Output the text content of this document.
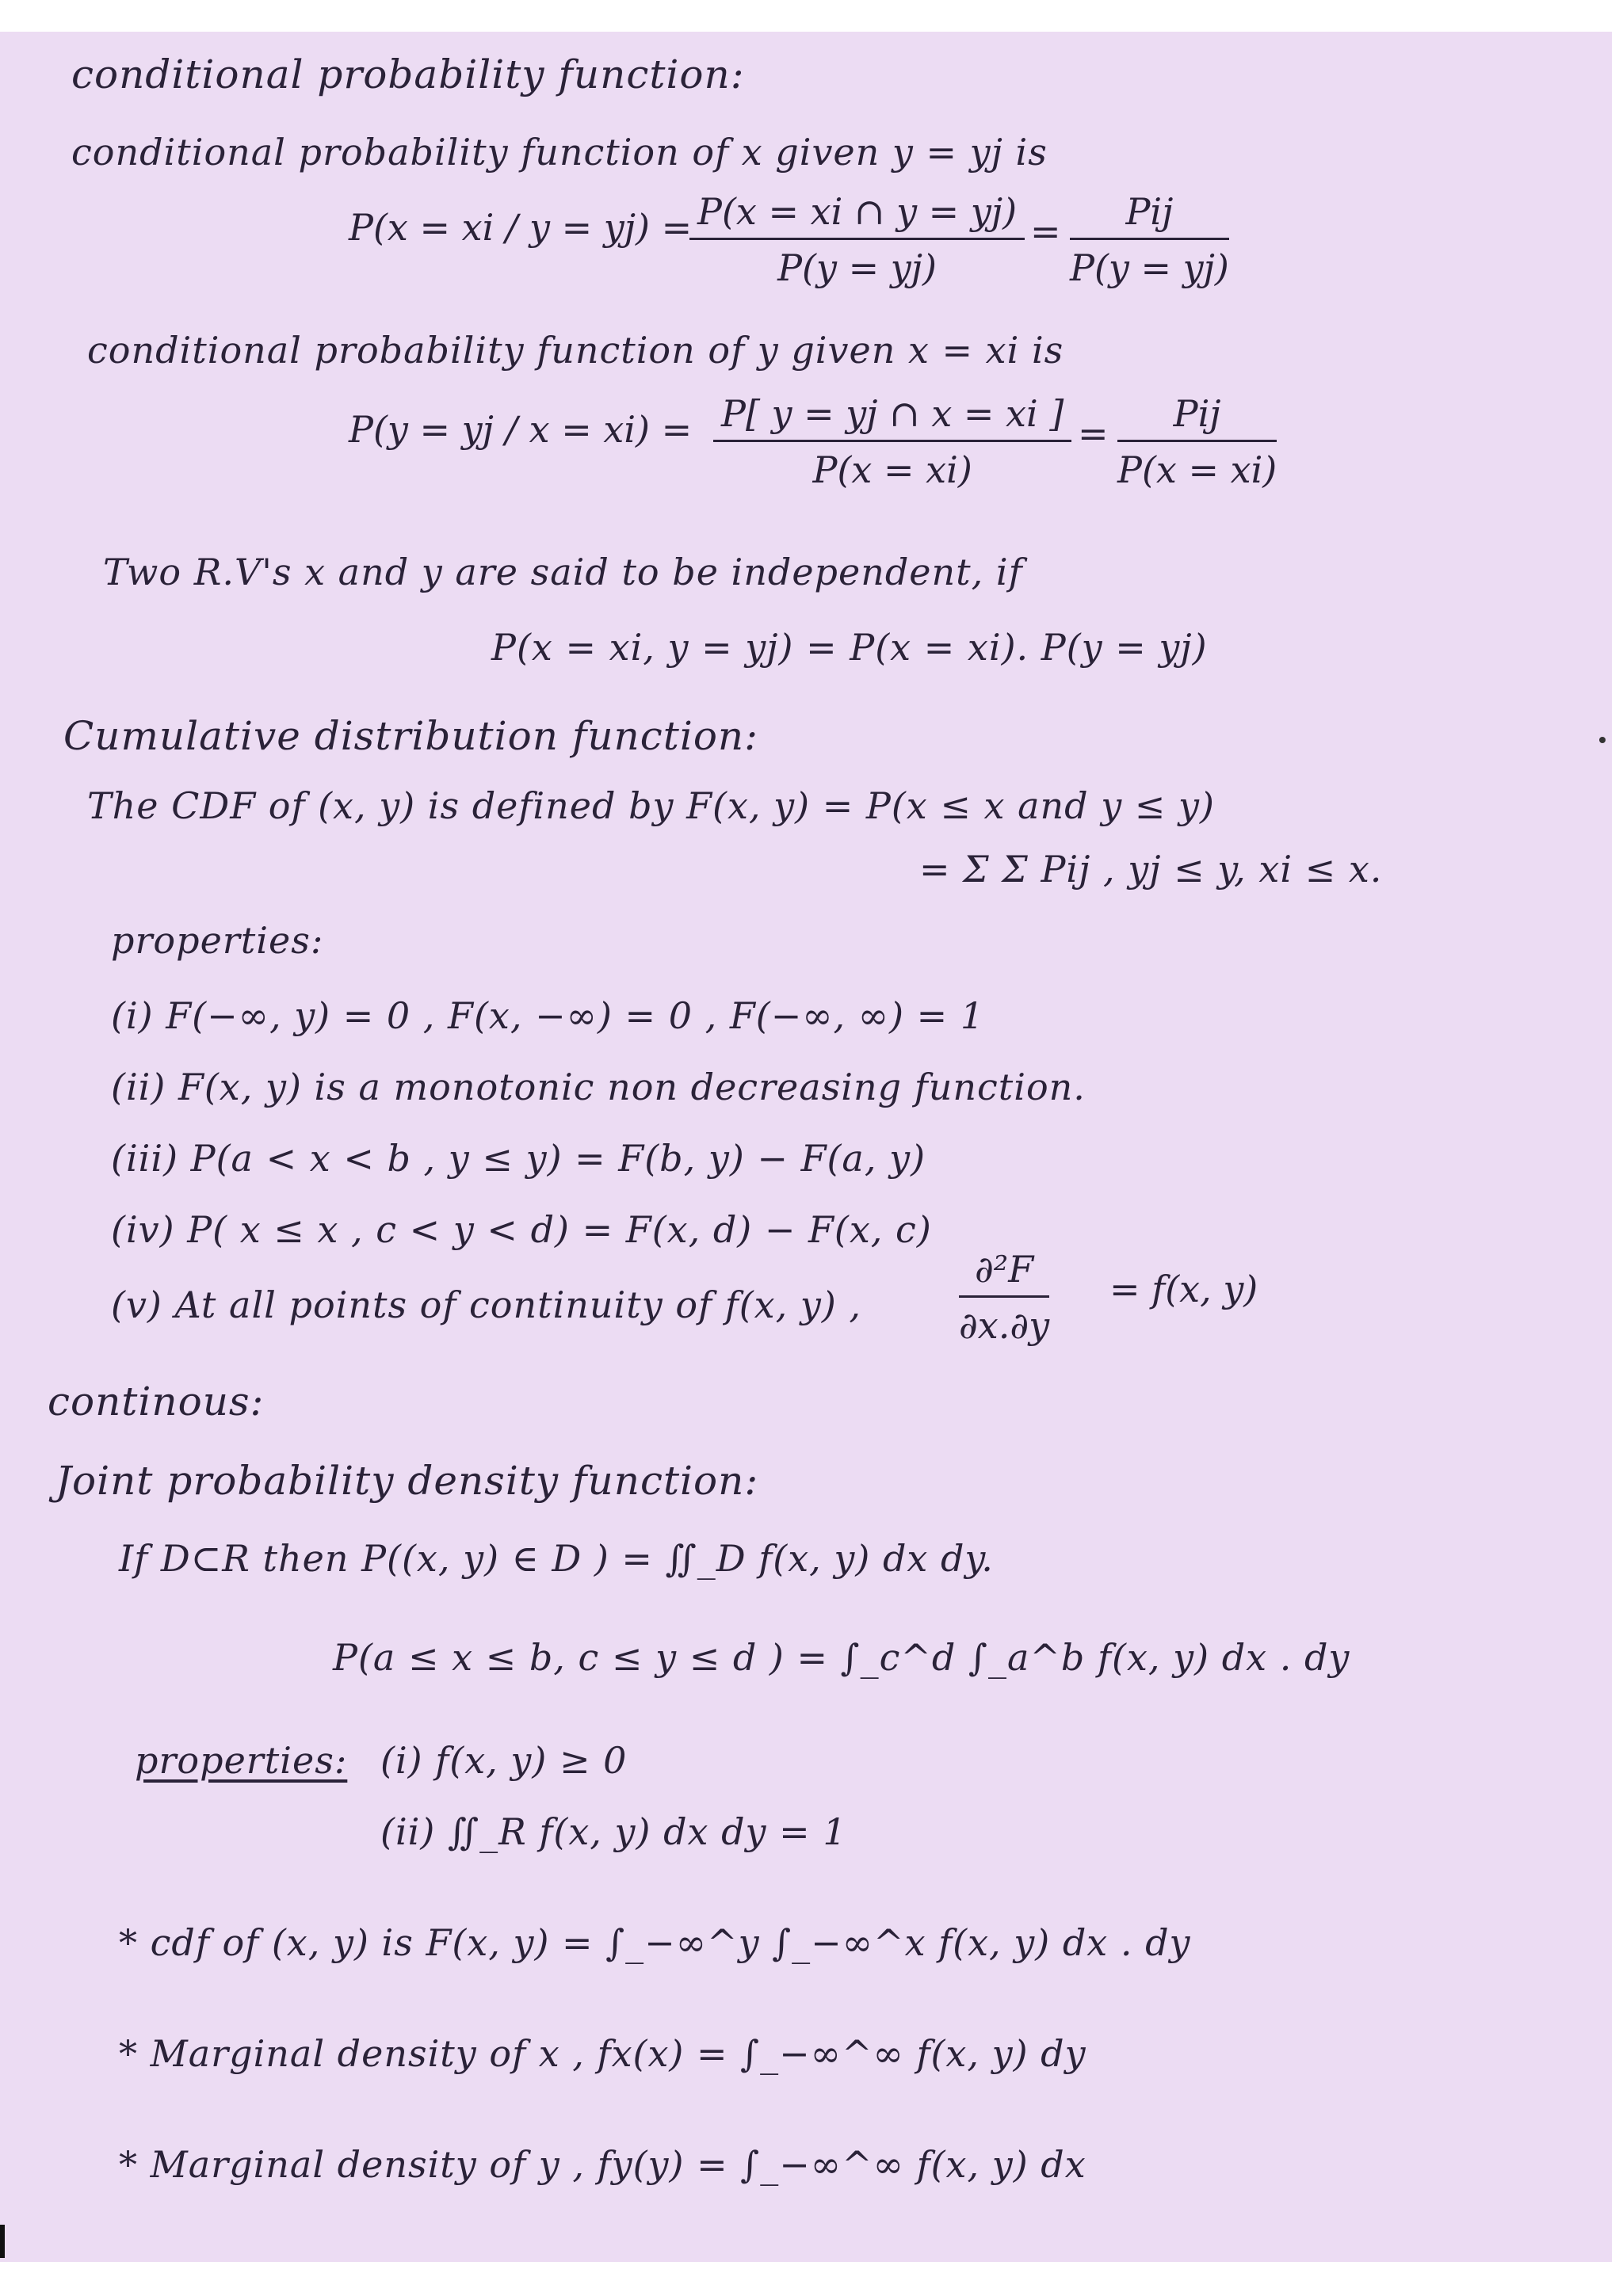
conditional probability function:
conditional probability function of x given y = yj is
P(x = xi / y = yj) =
$\frac{P(x = xi \cap y = yj)}{P(y = yj)}$ =	Pij
P(y = yj)
conditional probability function of y given x = xi is
P(y = yj / $x = xi) = \frac{P[ y = yj \cap x = xi ]}{P(x = xi)}$ =	Pij
P(x = xi)
Two R.V's x and y are said to be independent, if
P(x = xi, y = yj) = P(x = xi). P(y = yj)
Cumulative distribution function:
The CDF of (x, y) is defined by F(x, y) = P(x ≤ x and y ≤ y)
= Σ Σ Pij , yj ≤ y, xi ≤ x.
properties:
(i) F(−∞, y) = 0 , F(x, −∞) = 0 , F(−∞, ∞) = 1
(ii) F(x, y) is a monotonic non decreasing function.
(iii) P(a < x < b , y ≤ y) = F(b, y) − F(a, y)
(iv) P( x ≤ x , c < y < d) = F(x, d) − F(x, c)
(v) At all points of continuity of f(x, y) ,	$\frac{\text{∂²F}}{\partial x.\partial y} = f(x$, y)
continous:
Joint probability density function:
If D⊂R then P((x, y) ∈ D ) = ∬_D f(x, y) dx dy.
P(a ≤ x ≤ b, c ≤ y ≤ d ) = ∫_c^d ∫_a^b f(x, y) dx . dy
properties: (i) f(x, y) ≥ 0
(ii) ∬_R f(x, y) dx dy = 1
* cdf of (x, y) is F(x, y) = ∫_−∞^y ∫_−∞^x f(x, y) dx . dy
* Marginal density of x , fx(x) = ∫_−∞^∞ f(x, y) dy
* Marginal density of y , fy(y) = ∫_−∞^∞ f(x, y) dx
